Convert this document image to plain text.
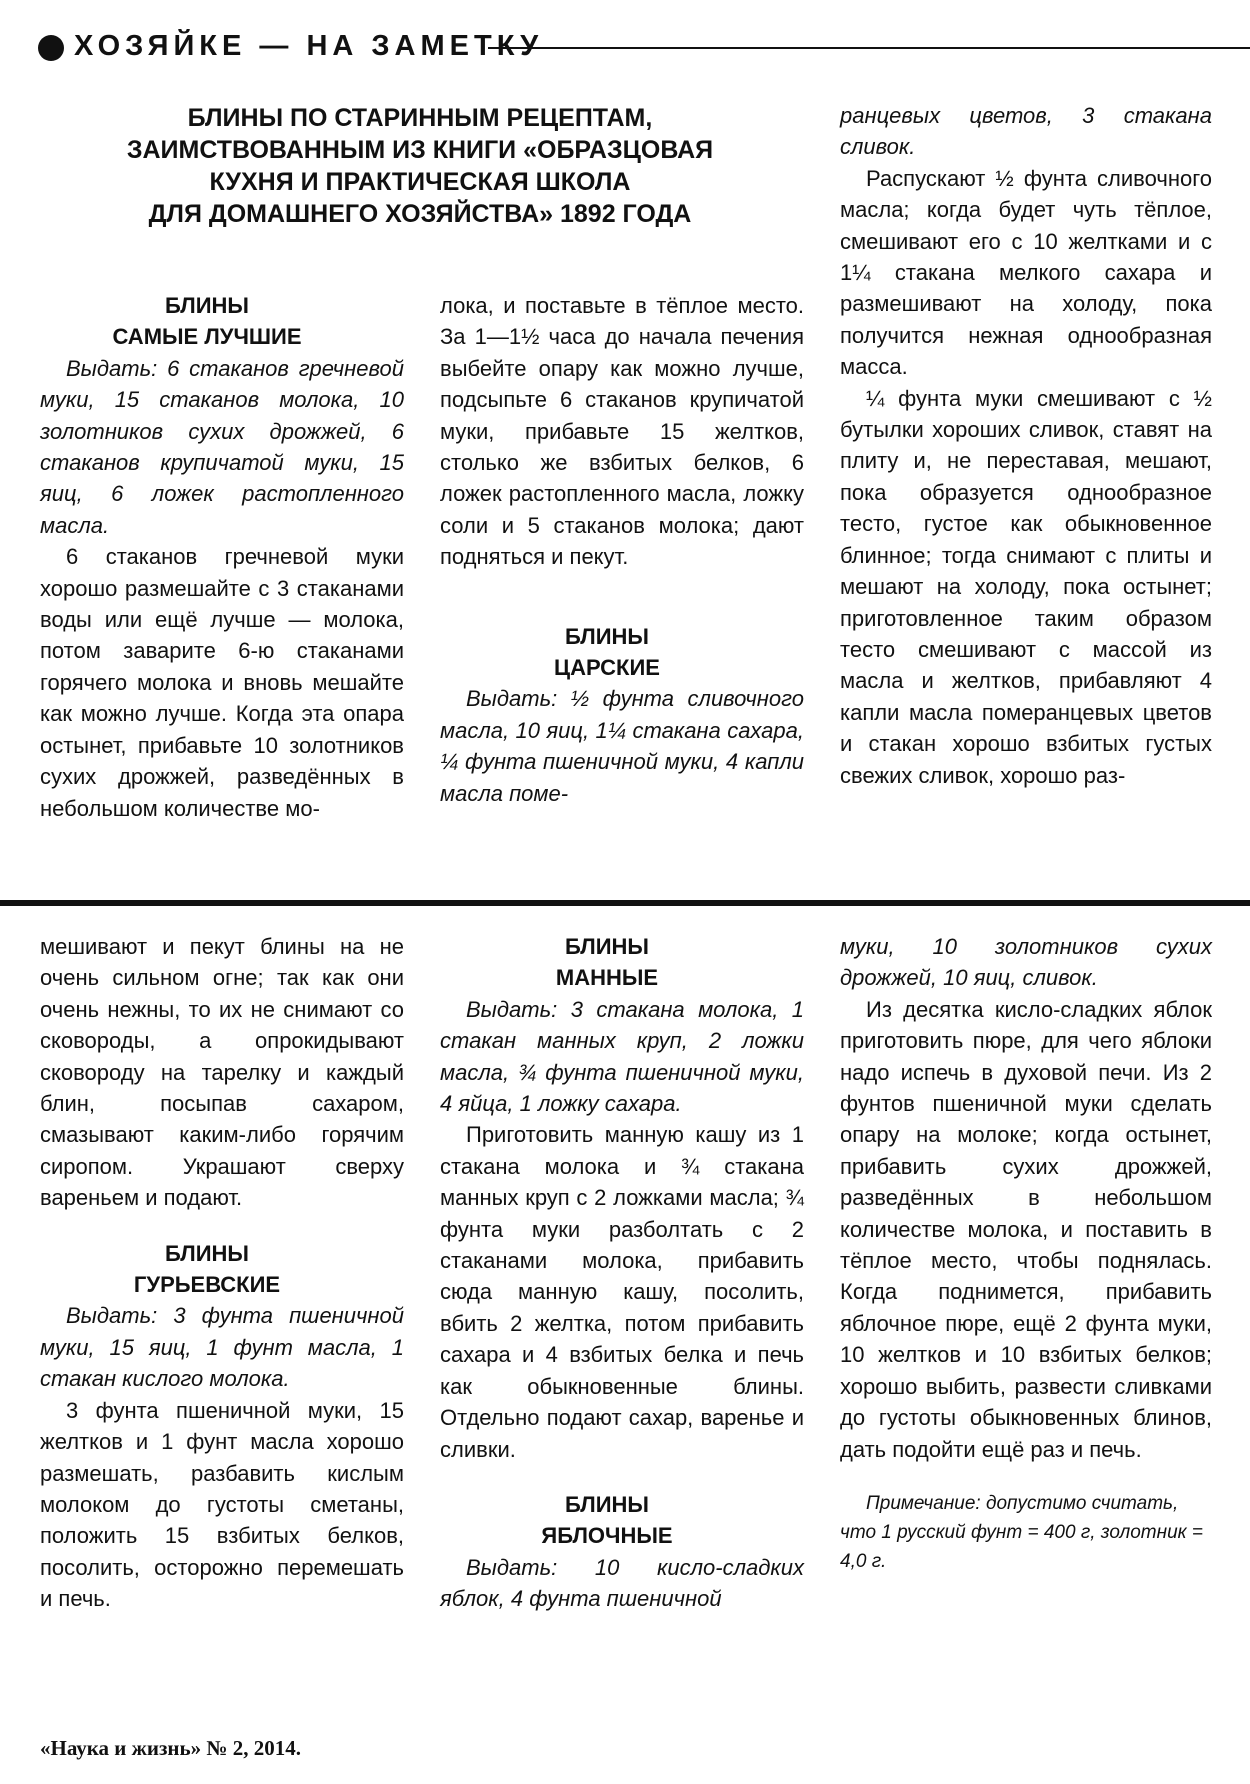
ХОЗЯЙКЕ — НА ЗАМЕТКУ
БЛИНЫ ПО СТАРИННЫМ РЕЦЕПТАМ,
ЗАИМСТВОВАННЫМ ИЗ КНИГИ «ОБРАЗЦОВАЯ
КУХНЯ И ПРАКТИЧЕСКАЯ ШКОЛА
ДЛЯ ДОМАШНЕГО ХОЗЯЙСТВА» 1892 ГОДА

БЛИНЫ
САМЫЕ ЛУЧШИЕ

Выдать: 6 стаканов гречневой муки, 15 стаканов молока, 10 золотников сухих дрожжей, 6 стаканов крупичатой муки, 15 яиц, 6 ложек растопленного масла.

6 стаканов гречневой муки хорошо размешайте с 3 стаканами воды или ещё лучше — молока, потом заварите 6-ю стаканами горячего молока и вновь мешайте как можно лучше. Когда эта опара остынет, прибавьте 10 золотников сухих дрожжей, разведённых в небольшом количестве мо-

лока, и поставьте в тёплое место. За 1—1½ часа до начала печения выбейте опару как можно лучше, подсыпьте 6 стаканов крупичатой муки, прибавьте 15 желтков, столько же взбитых белков, 6 ложек растопленного масла, ложку соли и 5 стаканов молока; дают подняться и пекут.

БЛИНЫ
ЦАРСКИЕ

Выдать: ½ фунта сливочного масла, 10 яиц, 1¼ стакана сахара, ¼ фунта пшеничной муки, 4 капли масла поме-

ранцевых цветов, 3 стакана сливок.

Распускают ½ фунта сливочного масла; когда будет чуть тёплое, смешивают его с 10 желтками и с 1¼ стакана мелкого сахара и размешивают на холоду, пока получится нежная однообразная масса.

¼ фунта муки смешивают с ½ бутылки хороших сливок, ставят на плиту и, не переставая, мешают, пока образуется однообразное тесто, густое как обыкновенное блинное; тогда снимают с плиты и мешают на холоду, пока остынет; приготовленное таким образом тесто смешивают с массой из масла и желтков, прибавляют 4 капли масла померанцевых цветов и стакан хорошо взбитых густых свежих сливок, хорошо раз-

мешивают и пекут блины на не очень сильном огне; так как они очень нежны, то их не снимают со сковороды, а опрокидывают сковороду на тарелку и каждый блин, посыпав сахаром, смазывают каким-либо горячим сиропом. Украшают сверху вареньем и подают.

БЛИНЫ
ГУРЬЕВСКИЕ

Выдать: 3 фунта пшеничной муки, 15 яиц, 1 фунт масла, 1 стакан кислого молока.

3 фунта пшеничной муки, 15 желтков и 1 фунт масла хорошо размешать, разбавить кислым молоком до густоты сметаны, положить 15 взбитых белков, посолить, осторожно перемешать и печь.

БЛИНЫ
МАННЫЕ

Выдать: 3 стакана молока, 1 стакан манных круп, 2 ложки масла, ¾ фунта пшеничной муки, 4 яйца, 1 ложку сахара.

Приготовить манную кашу из 1 стакана молока и ¾ стакана манных круп с 2 ложками масла; ¾ фунта муки разболтать с 2 стаканами молока, прибавить сюда манную кашу, посолить, вбить 2 желтка, потом прибавить сахара и 4 взбитых белка и печь как обыкновенные блины. Отдельно подают сахар, варенье и сливки.

БЛИНЫ
ЯБЛОЧНЫЕ

Выдать: 10 кисло-сладких яблок, 4 фунта пшеничной

муки, 10 золотников сухих дрожжей, 10 яиц, сливок.

Из десятка кисло-сладких яблок приготовить пюре, для чего яблоки надо испечь в духовой печи. Из 2 фунтов пшеничной муки сделать опару на молоке; когда остынет, прибавить сухих дрожжей, разведённых в небольшом количестве молока, и поставить в тёплое место, чтобы поднялась. Когда поднимется, прибавить яблочное пюре, ещё 2 фунта муки, 10 желтков и 10 взбитых белков; хорошо выбить, развести сливками до густоты обыкновенных блинов, дать подойти ещё раз и печь.

Примечание: допустимо считать, что 1 русский фунт = 400 г, золотник = 4,0 г.

«Наука и жизнь» № 2, 2014.
